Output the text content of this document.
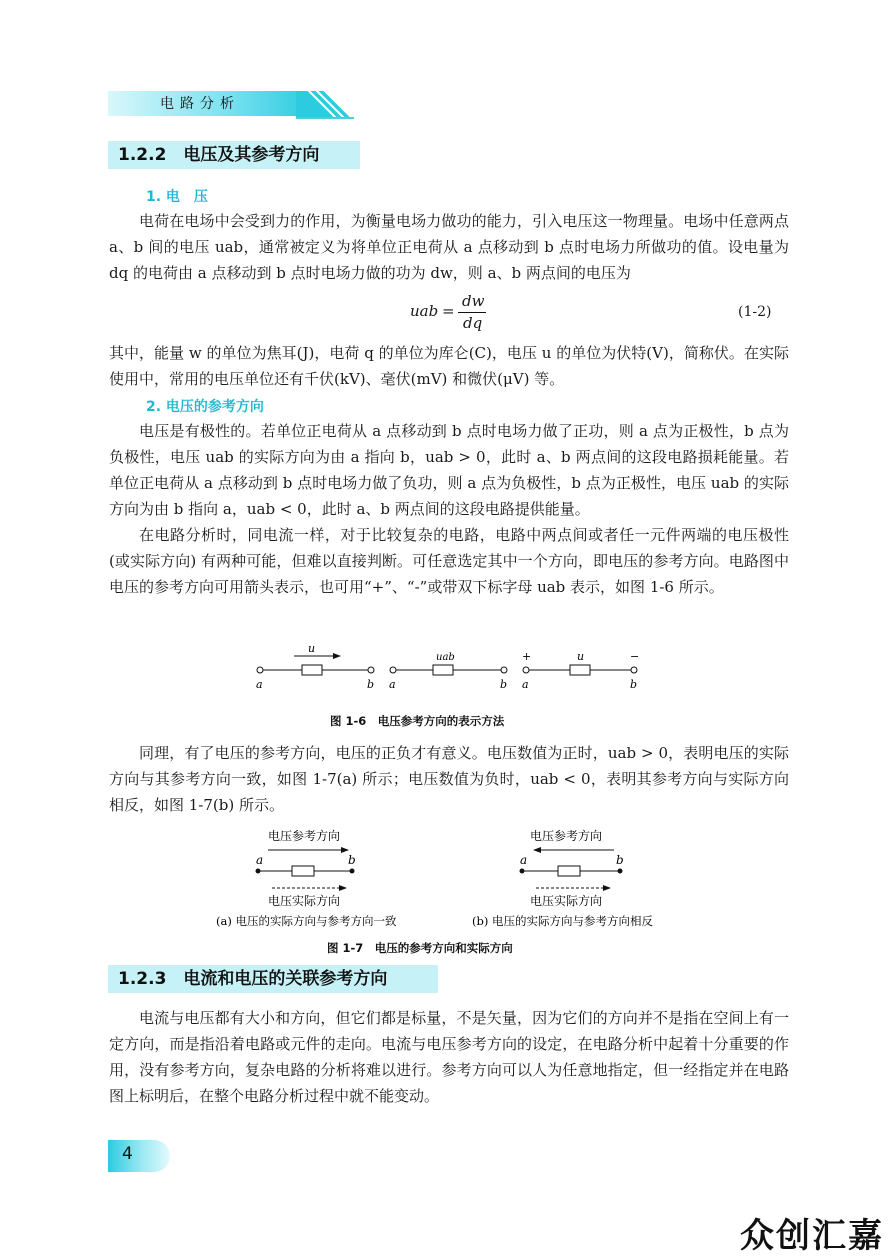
电路分析
1.2.2　电压及其参考方向
1. 电　压
电荷在电场中会受到力的作用，为衡量电场力做功的能力，引入电压这一物理量。电场中任意两点 a、b 间的电压 uab，通常被定义为将单位正电荷从 a 点移动到 b 点时电场力所做功的值。设电量为 dq 的电荷由 a 点移动到 b 点时电场力做的功为 dw，则 a、b 两点间的电压为
uab =
dw
dq
(1-2)
其中，能量 w 的单位为焦耳(J)，电荷 q 的单位为库仑(C)，电压 u 的单位为伏特(V)，简称伏。在实际使用中，常用的电压单位还有千伏(kV)、毫伏(mV) 和微伏(μV) 等。
2. 电压的参考方向
电压是有极性的。若单位正电荷从 a 点移动到 b 点时电场力做了正功，则 a 点为正极性，b 点为负极性，电压 uab 的实际方向为由 a 指向 b，uab > 0，此时 a、b 两点间的这段电路损耗能量。若单位正电荷从 a 点移动到 b 点时电场力做了负功，则 a 点为负极性，b 点为正极性，电压 uab 的实际方向为由 b 指向 a，uab < 0，此时 a、b 两点间的这段电路提供能量。
在电路分析时，同电流一样，对于比较复杂的电路，电路中两点间或者任一元件两端的电压极性(或实际方向) 有两种可能，但难以直接判断。可任意选定其中一个方向，即电压的参考方向。电路图中电压的参考方向可用箭头表示，也可用“+”、“-”或带双下标字母 uab 表示，如图 1-6 所示。
u
a	b
uab
a	b
+	u	−
a	b
图 1-6　电压参考方向的表示方法
同理，有了电压的参考方向，电压的正负才有意义。电压数值为正时，uab > 0，表明电压的实际方向与其参考方向一致，如图 1-7(a) 所示；电压数值为负时，uab < 0，表明其参考方向与实际方向相反，如图 1-7(b) 所示。
电压参考方向
a	b
电压实际方向
(a) 电压的实际方向与参考方向一致
电压参考方向
a	b
电压实际方向
(b) 电压的实际方向与参考方向相反
图 1-7　电压的参考方向和实际方向
1.2.3　电流和电压的关联参考方向
电流与电压都有大小和方向，但它们都是标量，不是矢量，因为它们的方向并不是指在空间上有一定方向，而是指沿着电路或元件的走向。电流与电压参考方向的设定，在电路分析中起着十分重要的作用，没有参考方向，复杂电路的分析将难以进行。参考方向可以人为任意地指定，但一经指定并在电路图上标明后，在整个电路分析过程中就不能变动。
4
众创汇嘉
